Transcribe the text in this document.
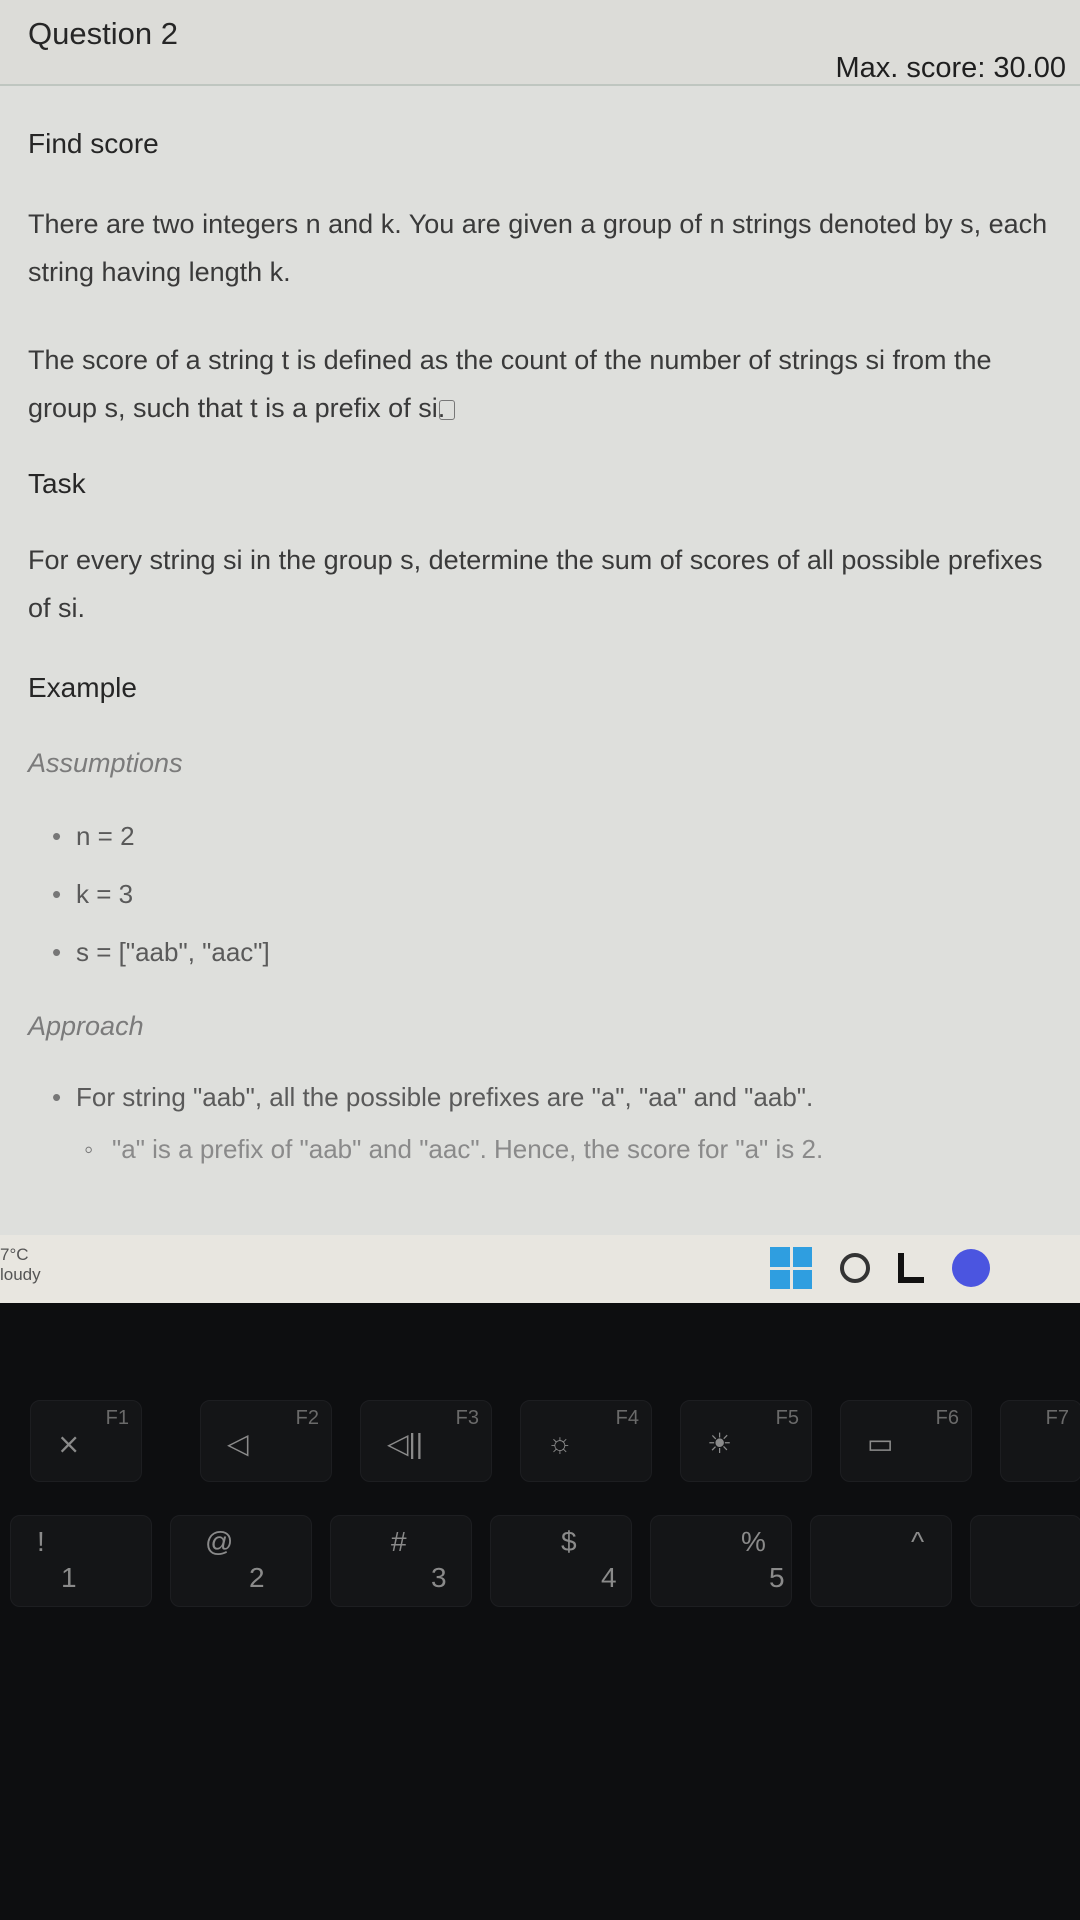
Question 2
Max. score: 30.00
Find score

There are two integers n and k. You are given a group of n strings denoted by s, each string having length k.

The score of a string t is defined as the count of the number of strings si from the group s, such that t is a prefix of si.

Task

For every string si in the group s, determine the sum of scores of all possible prefixes of si.

Example
Assumptions
• n = 2
• k = 3
• s = ["aab", "aac"]
Approach
• For string "aab", all the possible prefixes are "a", "aa" and "aab".
◦ "a" is a prefix of "aab" and "aac". Hence, the score for "a" is 2.
7°C
loudy
F1
⨯
F2
◁
F3
◁||
F4
☼
F5
☀
F6
▭
F7
!
1
@
2
#
3
$
4
%
5
^
